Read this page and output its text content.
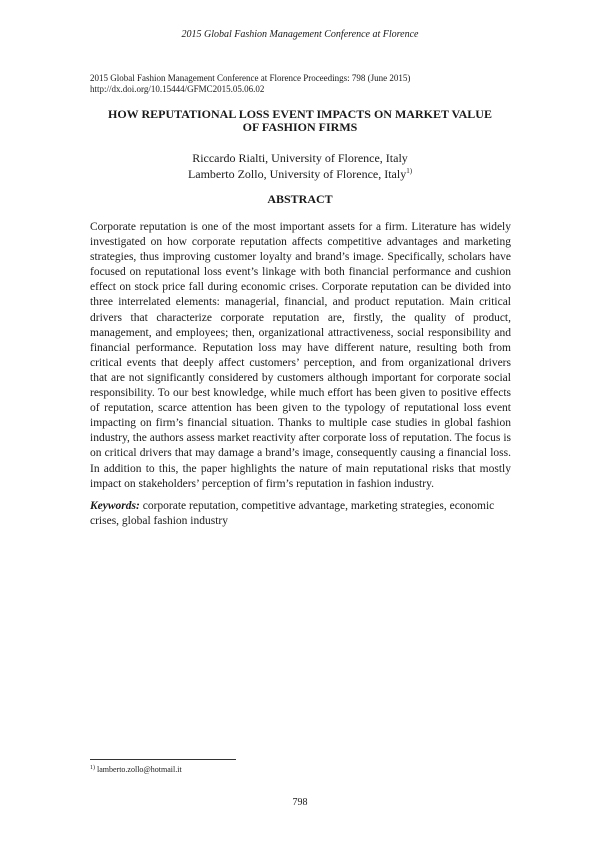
2015 Global Fashion Management Conference at Florence
2015 Global Fashion Management Conference at Florence Proceedings: 798 (June 2015)
http://dx.doi.org/10.15444/GFMC2015.05.06.02
HOW REPUTATIONAL LOSS EVENT IMPACTS ON MARKET VALUE
OF FASHION FIRMS
Riccardo Rialti, University of Florence, Italy
Lamberto Zollo, University of Florence, Italy$^{1)}$
ABSTRACT

Corporate reputation is one of the most important assets for a firm. Literature has widely investigated on how corporate reputation affects competitive advantages and marketing strategies, thus improving customer loyalty and brand’s image. Specifically, scholars have focused on reputational loss event’s linkage with both financial performance and cushion effect on stock price fall during economic crises. Corporate reputation can be divided into three interrelated elements: managerial, financial, and product reputation. Main critical drivers that characterize corporate reputation are, firstly, the quality of product, management, and employees; then, organizational attractiveness, social responsibility and financial performance. Reputation loss may have different nature, resulting both from critical events that deeply affect customers’ perception, and from organizational drivers that are not significantly considered by customers although important for corporate social responsibility. To our best knowledge, while much effort has been given to positive effects of reputation, scarce attention has been given to the typology of reputational loss event impacting on firm’s financial situation. Thanks to multiple case studies in global fashion industry, the authors assess market reactivity after corporate loss of reputation. The focus is on critical drivers that may damage a brand’s image, consequently causing a financial loss. In addition to this, the paper highlights the nature of main reputational risks that mostly impact on stakeholders’ perception of firm’s reputation in fashion industry.

Keywords: corporate reputation, competitive advantage, marketing strategies, economic crises, global fashion industry

$^{1)}$ lamberto.zollo@hotmail.it
798
